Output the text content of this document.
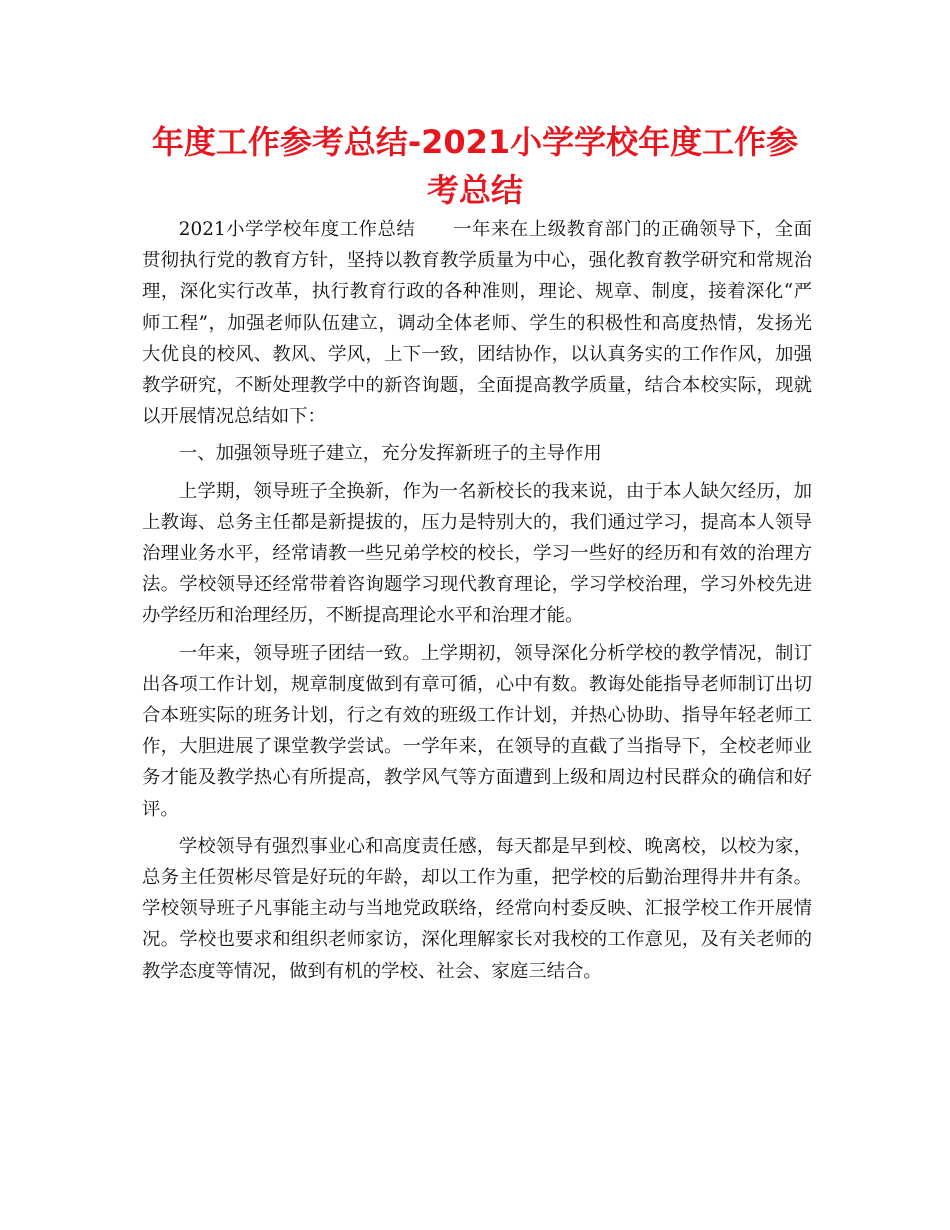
年度工作参考总结-2021小学学校年度工作参考总结

2021小学学校年度工作总结　　一年来在上级教育部门的正确领导下，全面贯彻执行党的教育方针，坚持以教育教学质量为中心，强化教育教学研究和常规治理，深化实行改革，执行教育行政的各种准则，理论、规章、制度，接着深化“严师工程”，加强老师队伍建立，调动全体老师、学生的积极性和高度热情，发扬光大优良的校风、教风、学风，上下一致，团结协作，以认真务实的工作作风，加强教学研究，不断处理教学中的新咨询题，全面提高教学质量，结合本校实际，现就以开展情况总结如下：

一、加强领导班子建立，充分发挥新班子的主导作用

上学期，领导班子全换新，作为一名新校长的我来说，由于本人缺欠经历，加上教诲、总务主任都是新提拔的，压力是特别大的，我们通过学习，提高本人领导治理业务水平，经常请教一些兄弟学校的校长，学习一些好的经历和有效的治理方法。学校领导还经常带着咨询题学习现代教育理论，学习学校治理，学习外校先进办学经历和治理经历，不断提高理论水平和治理才能。

一年来，领导班子团结一致。上学期初，领导深化分析学校的教学情况，制订出各项工作计划，规章制度做到有章可循，心中有数。教诲处能指导老师制订出切合本班实际的班务计划，行之有效的班级工作计划，并热心协助、指导年轻老师工作，大胆进展了课堂教学尝试。一学年来，在领导的直截了当指导下，全校老师业务才能及教学热心有所提高，教学风气等方面遭到上级和周边村民群众的确信和好评。

学校领导有强烈事业心和高度责任感，每天都是早到校、晚离校，以校为家，总务主任贺彬尽管是好玩的年龄，却以工作为重，把学校的后勤治理得井井有条。学校领导班子凡事能主动与当地党政联络，经常向村委反映、汇报学校工作开展情况。学校也要求和组织老师家访，深化理解家长对我校的工作意见，及有关老师的教学态度等情况，做到有机的学校、社会、家庭三结合。
